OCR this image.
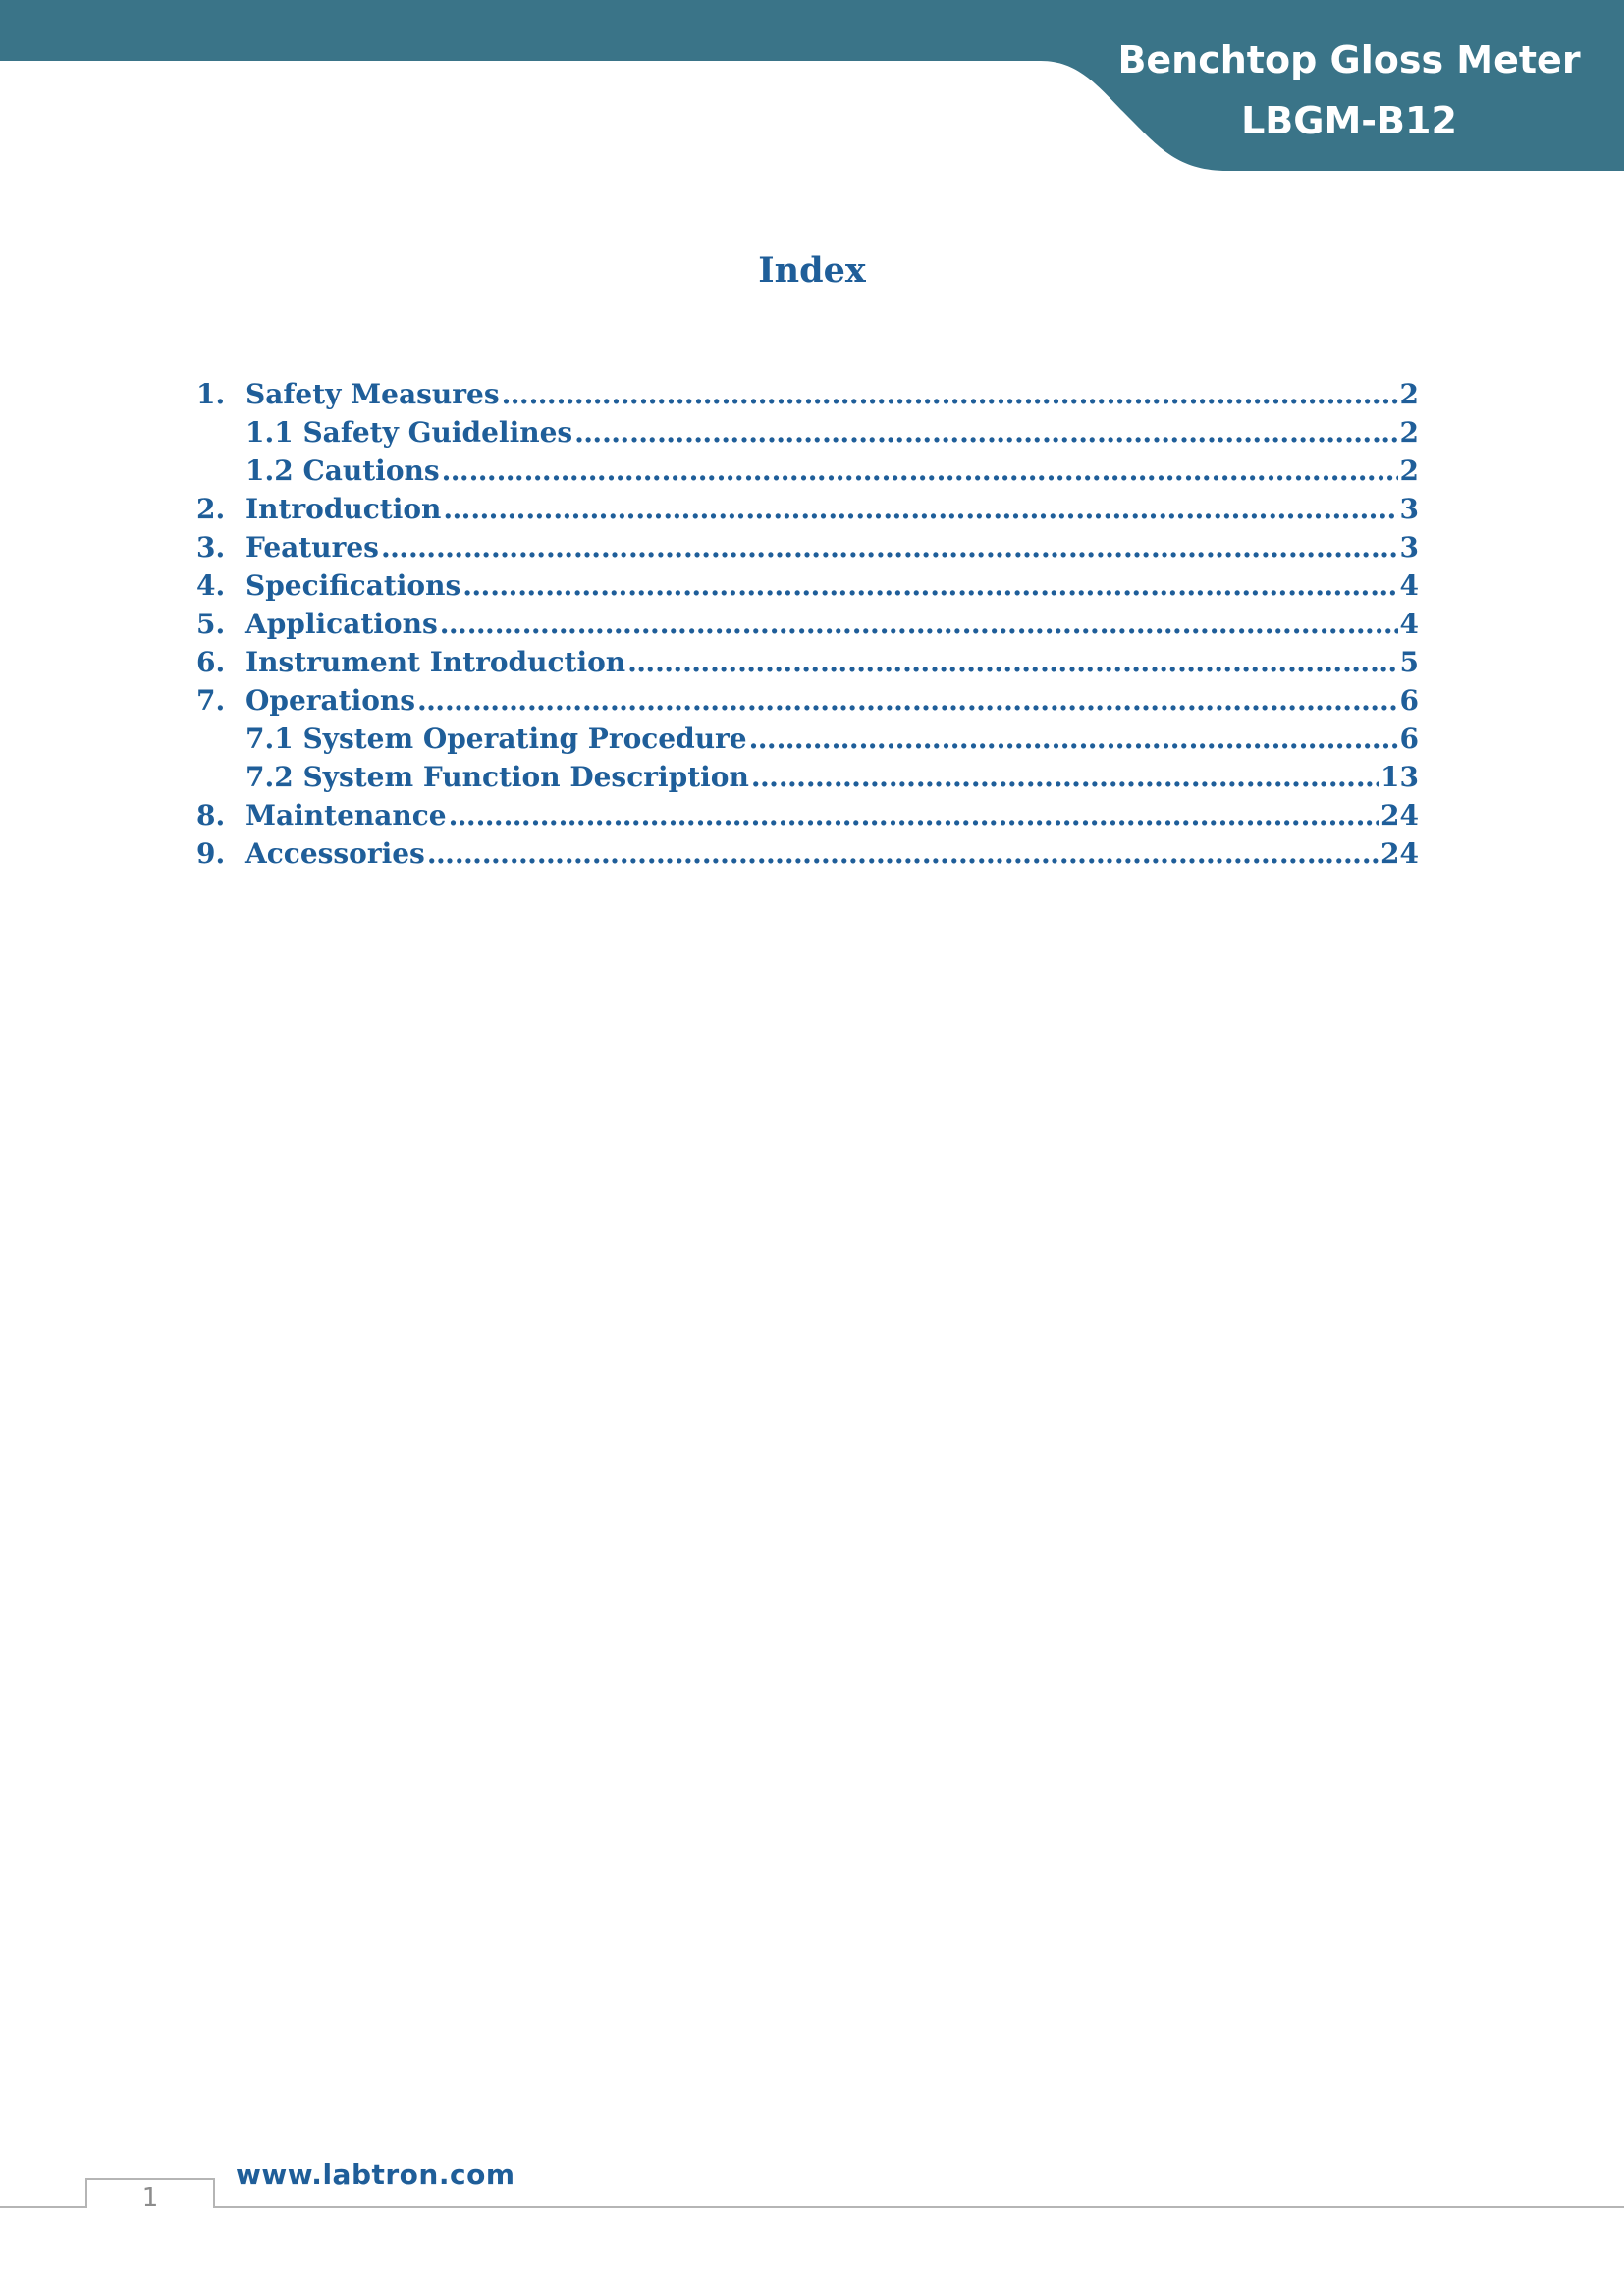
Benchtop Gloss Meter
LBGM-B12
Index
1. Safety Measures ……………………………………………………………………………………………………………………………………………………………………………………………………………………………………………………………	2
1.1 Safety Guidelines ……………………………………………………………………………………………………………………………………………………………………………………………………………………………………………………………	2
1.2 Cautions ……………………………………………………………………………………………………………………………………………………………………………………………………………………………………………………………	2
2. Introduction ……………………………………………………………………………………………………………………………………………………………………………………………………………………………………………………………	3
3. Features ……………………………………………………………………………………………………………………………………………………………………………………………………………………………………………………………	3
4. Specifications ……………………………………………………………………………………………………………………………………………………………………………………………………………………………………………………………	4
5. Applications ……………………………………………………………………………………………………………………………………………………………………………………………………………………………………………………………	4
6. Instrument Introduction ……………………………………………………………………………………………………………………………………………………………………………………………………………………………………………………………	5
7. Operations ……………………………………………………………………………………………………………………………………………………………………………………………………………………………………………………………	6
7.1 System Operating Procedure ……………………………………………………………………………………………………………………………………………………………………………………………………………………………………………………………	6
7.2 System Function Description ……………………………………………………………………………………………………………………………………………………………………………………………………………………………………………………………	13
8. Maintenance ……………………………………………………………………………………………………………………………………………………………………………………………………………………………………………………………	24
9. Accessories ……………………………………………………………………………………………………………………………………………………………………………………………………………………………………………………………	24
1
www.labtron.com
